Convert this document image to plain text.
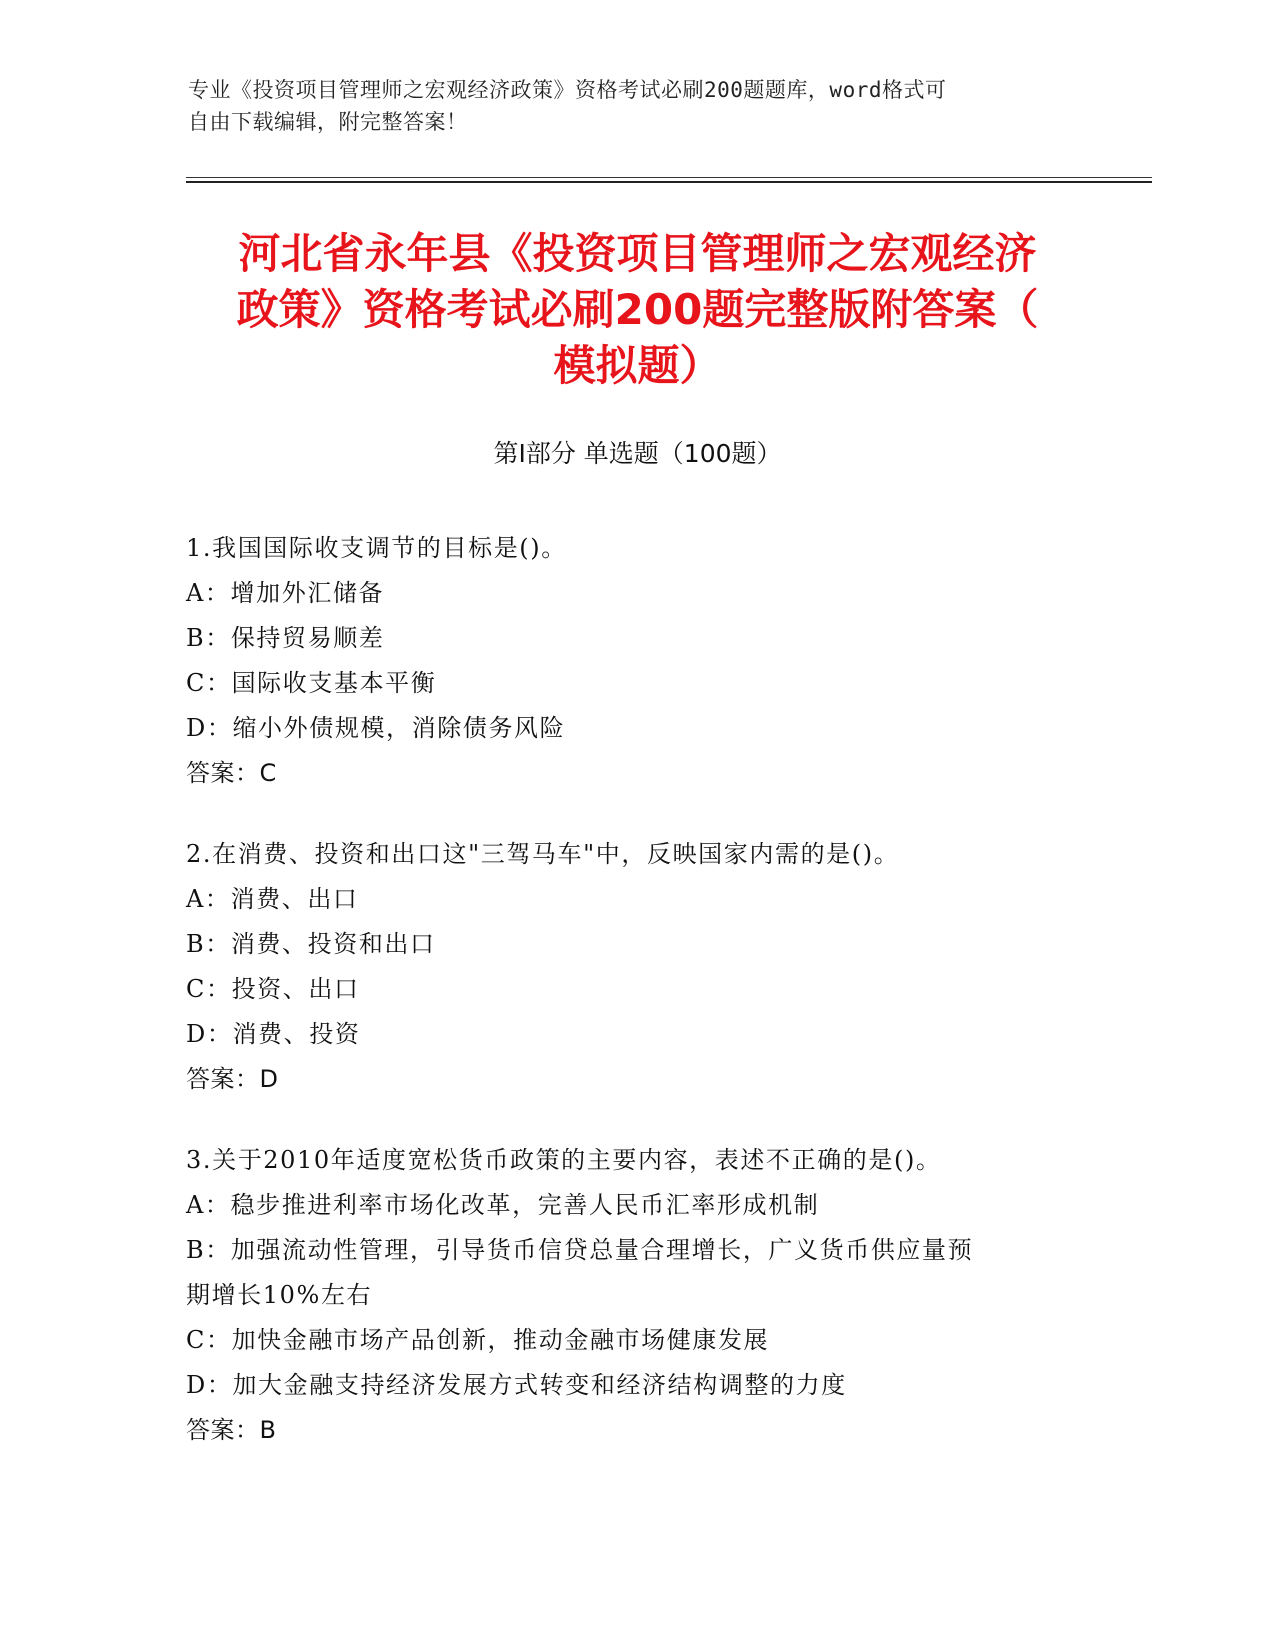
专业《投资项目管理师之宏观经济政策》资格考试必刷200题题库，word格式可
自由下载编辑，附完整答案！
河北省永年县《投资项目管理师之宏观经济
政策》资格考试必刷200题完整版附答案（
模拟题）
第Ⅰ部分 单选题（100题）
1.我国国际收支调节的目标是()。
A：增加外汇储备
B：保持贸易顺差
C：国际收支基本平衡
D：缩小外债规模，消除债务风险
答案：C
2.在消费、投资和出口这"三驾马车"中，反映国家内需的是()。
A：消费、出口
B：消费、投资和出口
C：投资、出口
D：消费、投资
答案：D
3.关于2010年适度宽松货币政策的主要内容，表述不正确的是()。
A：稳步推进利率市场化改革，完善人民币汇率形成机制
B：加强流动性管理，引导货币信贷总量合理增长，广义货币供应量预
期增长10%左右
C：加快金融市场产品创新，推动金融市场健康发展
D：加大金融支持经济发展方式转变和经济结构调整的力度
答案：B
